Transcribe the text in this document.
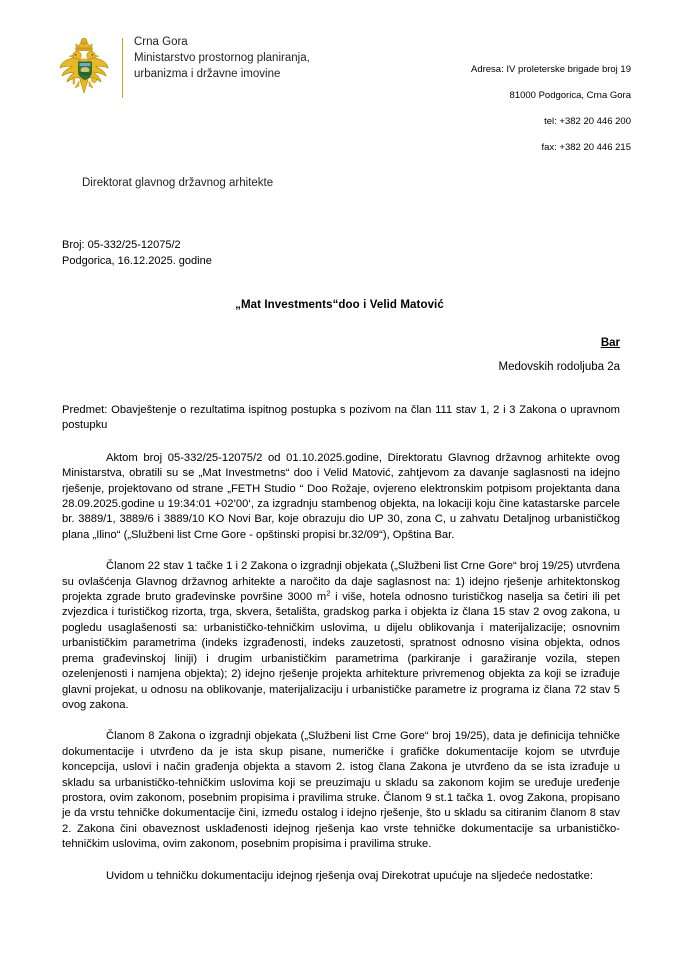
Crna Gora
Ministarstvo prostornog planiranja,
urbanizma i državne imovine	Adresa: IV proleterske brigade broj 19

81000 Podgorica, Crna Gora

tel: +382 20 446 200

fax: +382 20 446 215

Direktorat glavnog državnog arhitekte
Broj: 05-332/25-12075/2
Podgorica, 16.12.2025. godine
„Mat Investments“doo i Velid Matović
Bar
Medovskih rodoljuba 2a
Predmet: Obavještenje o rezultatima ispitnog postupka s pozivom na član 111 stav 1, 2 i 3 Zakona o upravnom postupku

Aktom broj 05-332/25-12075/2 od 01.10.2025.godine, Direktoratu Glavnog državnog arhitekte ovog Ministarstva, obratili su se „Mat Investmetns“ doo i Velid Matović, zahtjevom za davanje saglasnosti na idejno rješenje, projektovano od strane „FETH Studio “ Doo Rožaje, ovjereno elektronskim potpisom projektanta dana 28.09.2025.godine u 19:34:01 +02’00‘, za izgradnju stambenog objekta, na lokaciji koju čine katastarske parcele br. 3889/1, 3889/6 i 3889/10 KO Novi Bar, koje obrazuju dio UP 30, zona C, u zahvatu Detaljnog urbanističkog plana „Ilino“ („Službeni list Crne Gore - opštinski propisi br.32/09“), Opština Bar.

Članom 22 stav 1 tačke 1 i 2 Zakona o izgradnji objekata („Službeni list Crne Gore“ broj 19/25) utvrđena su ovlašćenja Glavnog državnog arhitekte a naročito da daje saglasnost na: 1) idejno rješenje arhitektonskog projekta zgrade bruto građevinske površine 3000 $m^2$ i više, hotela odnosno turističkog naselja sa četiri ili pet zvjezdica i turističkog rizorta, trga, skvera, šetališta, gradskog parka i objekta iz člana 15 stav 2 ovog zakona, u pogledu usaglašenosti sa: urbanističko-tehničkim uslovima, u dijelu oblikovanja i materijalizacije; osnovnim urbanističkim parametrima (indeks izgrađenosti, indeks zauzetosti, spratnost odnosno visina objekta, odnos prema građevinskoj liniji) i drugim urbanističkim parametrima (parkiranje i garažiranje vozila, stepen ozelenjenosti i namjena objekta); 2) idejno rješenje projekta arhitekture privremenog objekta za koji se izrađuje glavni projekat, u odnosu na oblikovanje, materijalizaciju i urbanističke parametre iz programa iz člana 72 stav 5 ovog zakona.

Članom 8 Zakona o izgradnji objekata („Službeni list Crne Gore“ broj 19/25), data je definicija tehničke dokumentacije i utvrđeno da je ista skup pisane, numeričke i grafičke dokumentacije kojom se utvrđuje koncepcija, uslovi i način građenja objekta a stavom 2. istog člana Zakona je utvrđeno da se ista izrađuje u skladu sa urbanističko-tehničkim uslovima koji se preuzimaju u skladu sa zakonom kojim se uređuje uređenje prostora, ovim zakonom, posebnim propisima i pravilima struke. Članom 9 st.1 tačka 1. ovog Zakona, propisano je da vrstu tehničke dokumentacije čini, između ostalog i idejno rješenje, što u skladu sa citiranim članom 8 stav 2. Zakona čini obaveznost usklađenosti idejnog rješenja kao vrste tehničke dokumentacije sa urbanističko-tehničkim uslovima, ovim zakonom, posebnim propisima i pravilima struke.

Uvidom u tehničku dokumentaciju idejnog rješenja ovaj Direkotrat upućuje na sljedeće nedostatke:
